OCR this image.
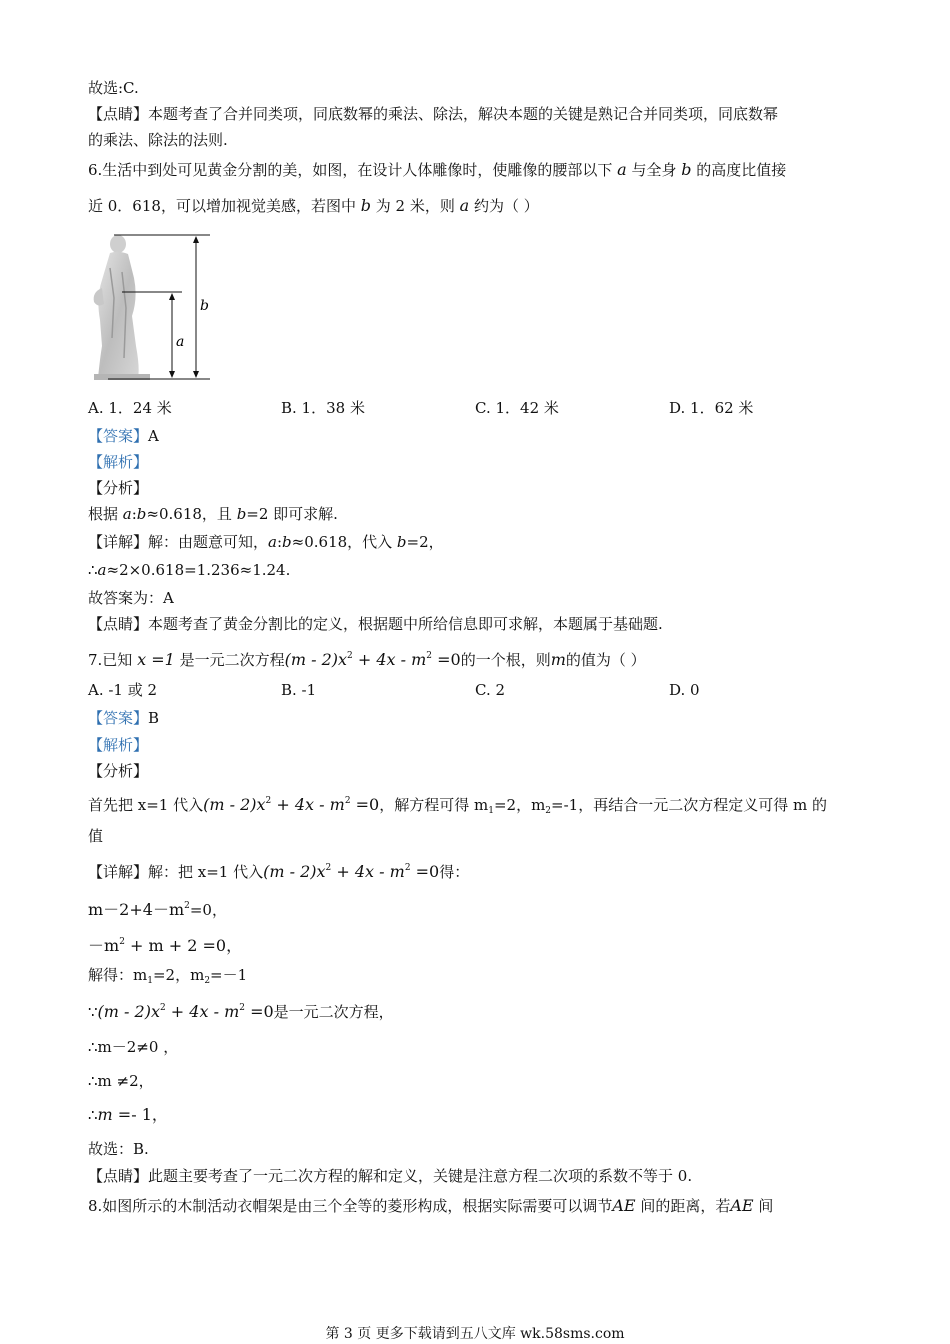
故选:C.
【点睛】本题考查了合并同类项，同底数幂的乘法、除法，解决本题的关键是熟记合并同类项，同底数幂
的乘法、除法的法则.
6.生活中到处可见黄金分割的美，如图，在设计人体雕像时，使雕像的腰部以下 a 与全身 b 的高度比值接
近 0．618，可以增加视觉美感，若图中 b 为 2 米，则 a 约为（ ）
b
a
A. 1．24 米	B. 1．38 米	C. 1．42 米	D. 1．62 米
【答案】A
【解析】
【分析】
根据 a:b≈0.618，且 b=2 即可求解.
【详解】解：由题意可知，a:b≈0.618，代入 b=2，
∴a≈2×0.618=1.236≈1.24.
故答案为：A
【点睛】本题考查了黄金分割比的定义，根据题中所给信息即可求解，本题属于基础题.
7.已知 x =1 是一元二次方程$(m - 2)x^2 + 4x - m^2 =0$的一个根，则m的值为（ ）
A. -1 或 2	B. -1	C. 2	D. 0
【答案】B
【解析】
【分析】
首先把 x=1 代入$(m - 2)x^2 + 4x - m^2 =0$，解方程可得 $m_1=2$，$m_2=-1$，再结合一元二次方程定义可得 m 的
值
【详解】解：把 x=1 代入$(m - 2)x^2 + 4x - m^2 =0$得：
$m-2+4-m^2=0$，
$-m^2 + m + 2 =0$，
解得：$m_1=2$，$m_2=-1$
∵(m - $2)x^2 + 4x - m^2 =0$是一元二次方程，
∴m－2≠0 ，
∴m ≠2，
∴m =- 1，
故选：B.
【点睛】此题主要考查了一元二次方程的解和定义，关键是注意方程二次项的系数不等于 0.
8.如图所示的木制活动衣帽架是由三个全等的菱形构成，根据实际需要可以调节AE 间的距离，若AE 间
第 3 页 更多下载请到五八文库 wk.58sms.com
